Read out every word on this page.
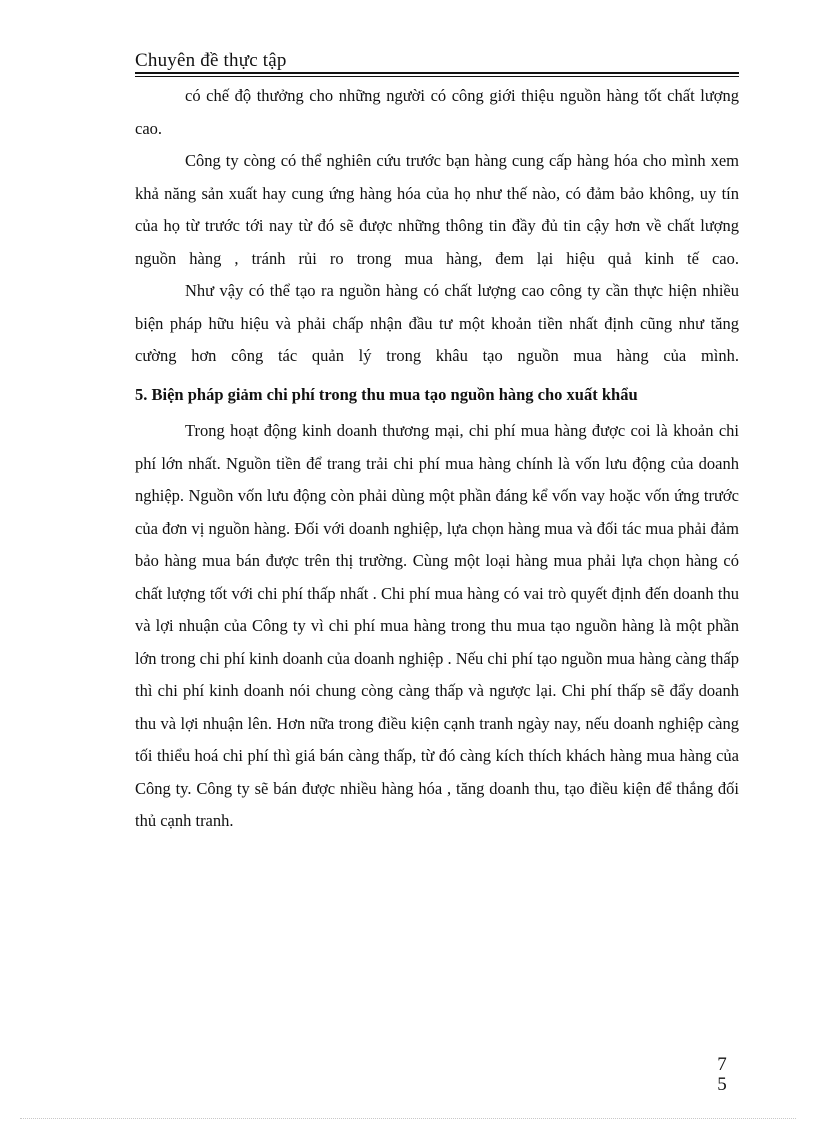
Chuyên đề thực tập

có chế độ thưởng cho những người có công giới thiệu nguồn hàng tốt chất lượng cao.

Công ty còng có thể nghiên cứu trước bạn hàng cung cấp hàng hóa cho mình xem khả năng sản xuất hay cung ứng hàng hóa của họ như thế nào, có đảm bảo không, uy tín của họ từ trước tới nay từ đó sẽ được những thông tin đầy đủ tin cậy hơn về chất lượng nguồn hàng , tránh rủi ro trong mua hàng, đem lại hiệu quả kinh tế cao.

Như vậy có thể tạo ra nguồn hàng có chất lượng cao công ty cần thực hiện nhiều biện pháp hữu hiệu và phải chấp nhận đầu tư một khoản tiền nhất định cũng như tăng cường hơn công tác quản lý trong khâu tạo nguồn mua hàng của mình.

5. Biện pháp giảm chi phí trong thu mua tạo nguồn hàng cho xuất khẩu

Trong hoạt động kinh doanh thương mại, chi phí mua hàng được coi là khoản chi phí lớn nhất. Nguồn tiền để trang trải chi phí mua hàng chính là vốn lưu động của doanh nghiệp. Nguồn vốn lưu động còn phải dùng một phần đáng kể vốn vay hoặc vốn ứng trước của đơn vị nguồn hàng. Đối với doanh nghiệp, lựa chọn hàng mua và đối tác mua phải đảm bảo hàng mua bán được trên thị trường. Cùng một loại hàng mua phải lựa chọn hàng có chất lượng tốt với chi phí thấp nhất . Chi phí mua hàng có vai trò quyết định đến doanh thu và lợi nhuận của Công ty vì chi phí mua hàng trong thu mua tạo nguồn hàng là một phần lớn trong chi phí kinh doanh của doanh nghiệp . Nếu chi phí tạo nguồn mua hàng càng thấp thì chi phí kinh doanh nói chung còng càng thấp và ngược lại. Chi phí thấp sẽ đẩy doanh thu và lợi nhuận lên. Hơn nữa trong điều kiện cạnh tranh ngày nay, nếu doanh nghiệp càng tối thiểu hoá chi phí thì giá bán càng thấp, từ đó càng kích thích khách hàng mua hàng của Công ty. Công ty sẽ bán được nhiều hàng hóa , tăng doanh thu, tạo điều kiện để thắng đối thủ cạnh tranh.

7
5
